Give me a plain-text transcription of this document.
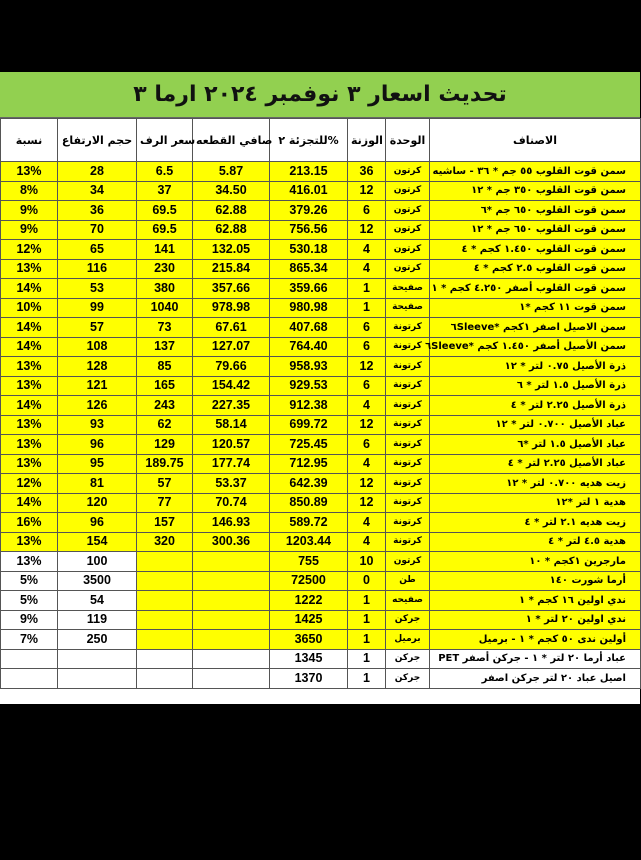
تحديث اسعار ٣ نوفمبر ٢٠٢٤ ارما ٣
نسبة	حجم الارتفاع	سعر الرف	صافي القطعه	للتجزئة ٢%	الوزنة	الوحدة	الاصناف
13%	28	6.5	5.87	213.15	36	كرتون	سمن قوت القلوب ٥٥ جم * ٣٦ - ساشيه
8%	34	37	34.50	416.01	12	كرتون	سمن قوت القلوب ٣٥٠ جم * ١٢
9%	36	69.5	62.88	379.26	6	كرتون	سمن قوت القلوب ٦٥٠ جم *٦
9%	70	69.5	62.88	756.56	12	كرتون	سمن قوت القلوب ٦٥٠ جم * ١٢
12%	65	141	132.05	530.18	4	كرتون	سمن قوت القلوب ١.٤٥٠ كجم * ٤
13%	116	230	215.84	865.34	4	كرتون	سمن قوت القلوب ٢.٥ كجم * ٤
14%	53	380	357.66	359.66	1	صفيحة	سمن قوت القلوب أصفر ٤.٢٥٠ كجم * ١
10%	99	1040	978.98	980.98	1	صفيحة	سمن قوت ١١ كجم *١
14%	57	73	67.61	407.68	6	كرتونة	سمن الاصيل اصفر ١كجم *٦Sleeve
14%	108	137	127.07	764.40	6	كرتونة	سمن الأصيل أصفر ١.٤٥٠ كجم *٦Sleeve
13%	128	85	79.66	958.93	12	كرتونة	ذرة الأصيل ٠.٧٥ لتر * ١٢
13%	121	165	154.42	929.53	6	كرتونة	ذرة الأصيل ١.٥ لتر * ٦
14%	126	243	227.35	912.38	4	كرتونة	ذرة الأصيل ٢.٢٥ لتر * ٤
13%	93	62	58.14	699.72	12	كرتونة	عباد الأصيل ٠.٧٠٠ لتر * ١٢
13%	96	129	120.57	725.45	6	كرتونة	عباد الأصيل ١.٥ لتر *٦
13%	95	189.75	177.74	712.95	4	كرتونة	عباد الأصيل ٢.٢٥ لتر * ٤
12%	81	57	53.37	642.39	12	كرتونة	زيت هديه ٠.٧٠٠ لتر * ١٢
14%	120	77	70.74	850.89	12	كرتونة	هدية ١ لتر *١٢
16%	96	157	146.93	589.72	4	كرتونة	زيت هديه ٢.١ لتر * ٤
13%	154	320	300.36	1203.44	4	كرتونة	هدية ٤.٥ لتر * ٤
13%	100			755	10	كرتون	مارجرين ١كجم * ١٠
5%	3500			72500	0	طن	أرما شورت ١٤٠
5%	54			1222	1	صفيحه	ندي اولين ١٦ كجم * ١
9%	119			1425	1	جركن	ندي اولين ٢٠ لتر * ١
7%	250			3650	1	برميل	أولين ندى ٥٠ كجم * ١ - برميل
				1345	1	جركن	عباد أرما ٢٠ لتر * ١ - جركن أصفر PET
				1370	1	جركن	اصيل عباد ٢٠ لتر جركن اصفر
